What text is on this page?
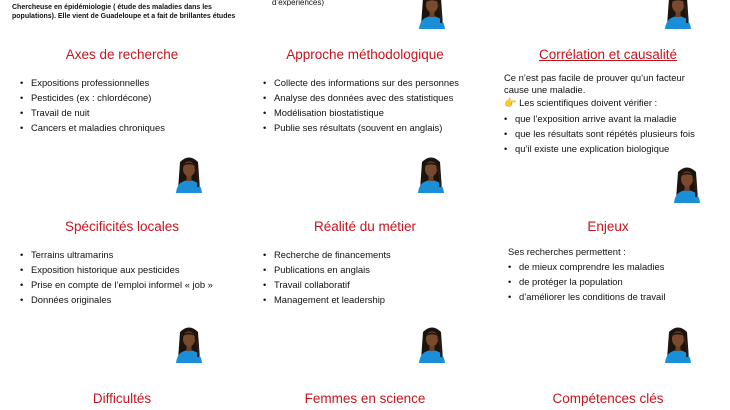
Chercheuse en épidémiologie ( étude des maladies dans les populations). Elle vient de Guadeloupe et a fait de brillantes études
d’expériences)
Axes de recherche
• Expositions professionnelles
• Pesticides (ex : chlordécone)
• Travail de nuit
• Cancers et maladies chroniques
Approche méthodologique
• Collecte des informations sur des personnes
• Analyse des données avec des statistiques
• Modélisation biostatistique
• Publie ses résultats (souvent en anglais)
Corrélation et causalité
Ce n’est pas facile de prouver qu’un facteur cause une maladie.
👉 Les scientifiques doivent vérifier :
• que l’exposition arrive avant la maladie
• que les résultats sont répétés plusieurs fois
• qu’il existe une explication biologique
Spécificités locales
• Terrains ultramarins
• Exposition historique aux pesticides
• Prise en compte de l’emploi informel « job »
• Données originales
Réalité du métier
• Recherche de financements
• Publications en anglais
• Travail collaboratif
• Management et leadership
Enjeux
Ses recherches permettent :
• de mieux comprendre les maladies
• de protéger la population
• d’améliorer les conditions de travail
Difficultés	Femmes en science	Compétences clés
